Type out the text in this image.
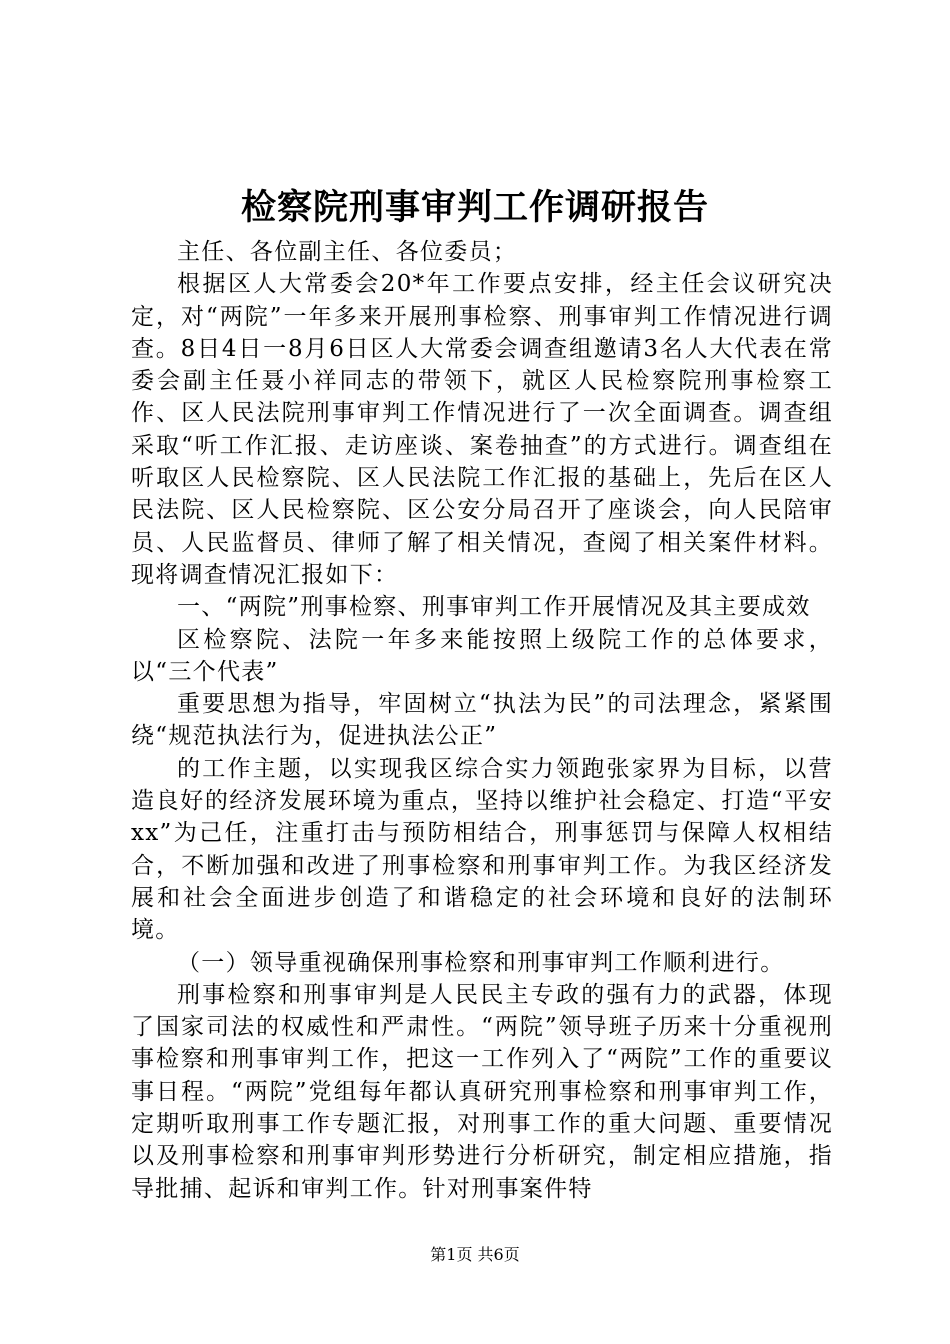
检察院刑事审判工作调研报告

主任、各位副主任、各位委员；

根据区人大常委会20*年工作要点安排，经主任会议研究决定，对“两院”一年多来开展刑事检察、刑事审判工作情况进行调查。8日4日一8月6日区人大常委会调查组邀请3名人大代表在常委会副主任聂小祥同志的带领下，就区人民检察院刑事检察工作、区人民法院刑事审判工作情况进行了一次全面调查。调查组采取“听工作汇报、走访座谈、案卷抽查”的方式进行。调查组在听取区人民检察院、区人民法院工作汇报的基础上，先后在区人民法院、区人民检察院、区公安分局召开了座谈会，向人民陪审员、人民监督员、律师了解了相关情况，查阅了相关案件材料。现将调查情况汇报如下：

一、“两院”刑事检察、刑事审判工作开展情况及其主要成效

区检察院、法院一年多来能按照上级院工作的总体要求，以“三个代表”

重要思想为指导，牢固树立“执法为民”的司法理念，紧紧围绕“规范执法行为，促进执法公正”

的工作主题，以实现我区综合实力领跑张家界为目标，以营造良好的经济发展环境为重点，坚持以维护社会稳定、打造“平安xx”为己任，注重打击与预防相结合，刑事惩罚与保障人权相结合，不断加强和改进了刑事检察和刑事审判工作。为我区经济发展和社会全面进步创造了和谐稳定的社会环境和良好的法制环境。

（一）领导重视确保刑事检察和刑事审判工作顺利进行。

刑事检察和刑事审判是人民民主专政的强有力的武器，体现了国家司法的权威性和严肃性。“两院”领导班子历来十分重视刑事检察和刑事审判工作，把这一工作列入了“两院”工作的重要议事日程。“两院”党组每年都认真研究刑事检察和刑事审判工作，定期听取刑事工作专题汇报，对刑事工作的重大问题、重要情况以及刑事检察和刑事审判形势进行分析研究，制定相应措施，指导批捕、起诉和审判工作。针对刑事案件特

第1页 共6页
